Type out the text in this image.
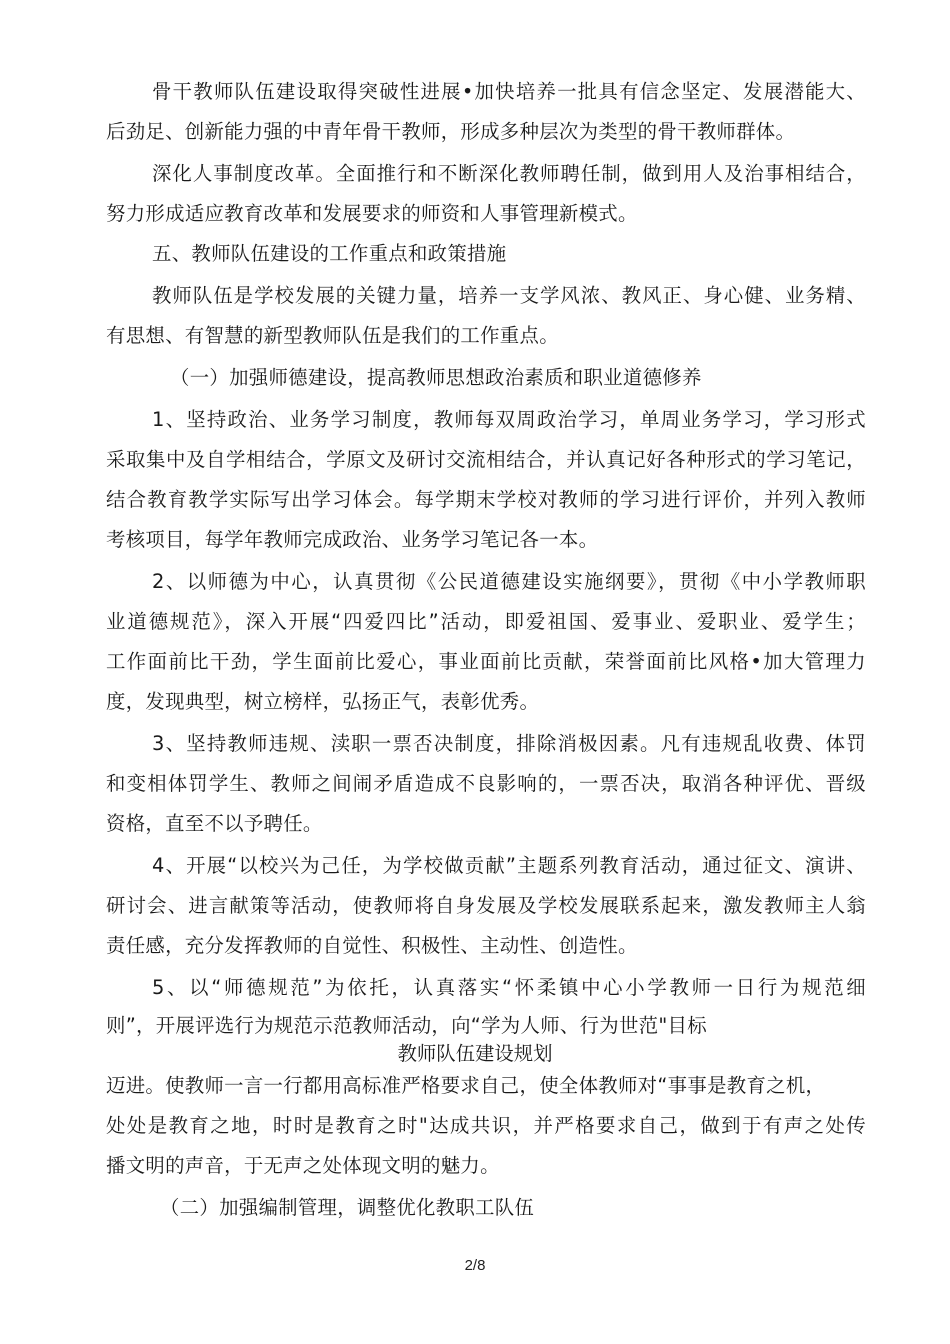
骨干教师队伍建设取得突破性进展•加快培养一批具有信念坚定、发展潜能大、
后劲足、创新能力强的中青年骨干教师，形成多种层次为类型的骨干教师群体。
深化人事制度改革。全面推行和不断深化教师聘任制，做到用人及治事相结合，
努力形成适应教育改革和发展要求的师资和人事管理新模式。
五、教师队伍建设的工作重点和政策措施
教师队伍是学校发展的关键力量，培养一支学风浓、教风正、身心健、业务精、
有思想、有智慧的新型教师队伍是我们的工作重点。
（一）加强师德建设，提高教师思想政治素质和职业道德修养
1、坚持政治、业务学习制度，教师每双周政治学习，单周业务学习，学习形式
采取集中及自学相结合，学原文及研讨交流相结合，并认真记好各种形式的学习笔记，
结合教育教学实际写出学习体会。每学期末学校对教师的学习进行评价，并列入教师
考核项目，每学年教师完成政治、业务学习笔记各一本。
2、以师德为中心，认真贯彻《公民道德建设实施纲要》，贯彻《中小学教师职
业道德规范》，深入开展“四爱四比”活动，即爱祖国、爱事业、爱职业、爱学生；
工作面前比干劲，学生面前比爱心，事业面前比贡献，荣誉面前比风格•加大管理力
度，发现典型，树立榜样，弘扬正气，表彰优秀。
3、坚持教师违规、渎职一票否决制度，排除消极因素。凡有违规乱收费、体罚
和变相体罚学生、教师之间闹矛盾造成不良影响的，一票否决，取消各种评优、晋级
资格，直至不以予聘任。
4、开展“以校兴为己任，为学校做贡献”主题系列教育活动，通过征文、演讲、
研讨会、进言献策等活动，使教师将自身发展及学校发展联系起来，激发教师主人翁
责任感，充分发挥教师的自觉性、积极性、主动性、创造性。
5、以“师德规范”为依托，认真落实“怀柔镇中心小学教师一日行为规范细
则”，开展评选行为规范示范教师活动，向“学为人师、行为世范"目标
教师队伍建设规划
迈进。使教师一言一行都用高标准严格要求自己，使全体教师对“事事是教育之机，
处处是教育之地，时时是教育之时"达成共识，并严格要求自己，做到于有声之处传
播文明的声音，于无声之处体现文明的魅力。
（二）加强编制管理，调整优化教职工队伍
2/8
